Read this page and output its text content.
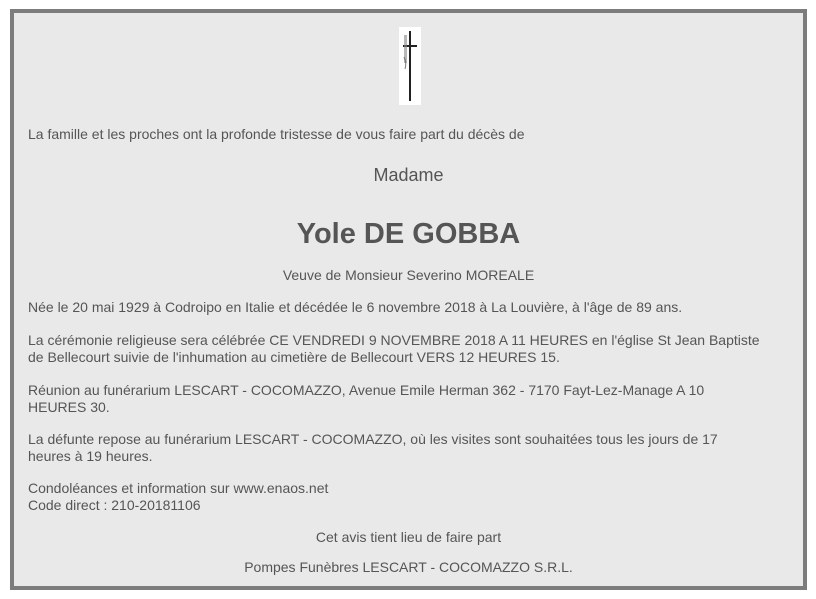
La famille et les proches ont la profonde tristesse de vous faire part du décès de

Madame

Yole DE GOBBA

Veuve de Monsieur Severino MOREALE

Née le 20 mai 1929 à Codroipo en Italie et décédée le 6 novembre 2018 à La Louvière, à l'âge de 89 ans.

La cérémonie religieuse sera célébrée CE VENDREDI 9 NOVEMBRE 2018 A 11 HEURES en l'église St Jean Baptiste

de Bellecourt suivie de l'inhumation au cimetière de Bellecourt VERS 12 HEURES 15.

Réunion au funérarium LESCART - COCOMAZZO, Avenue Emile Herman 362 - 7170 Fayt-Lez-Manage A 10

HEURES 30.

La défunte repose au funérarium LESCART - COCOMAZZO, où les visites sont souhaitées tous les jours de 17

heures à 19 heures.

Condoléances et information sur www.enaos.net

Code direct : 210-20181106

Cet avis tient lieu de faire part

Pompes Funèbres LESCART - COCOMAZZO S.R.L.
